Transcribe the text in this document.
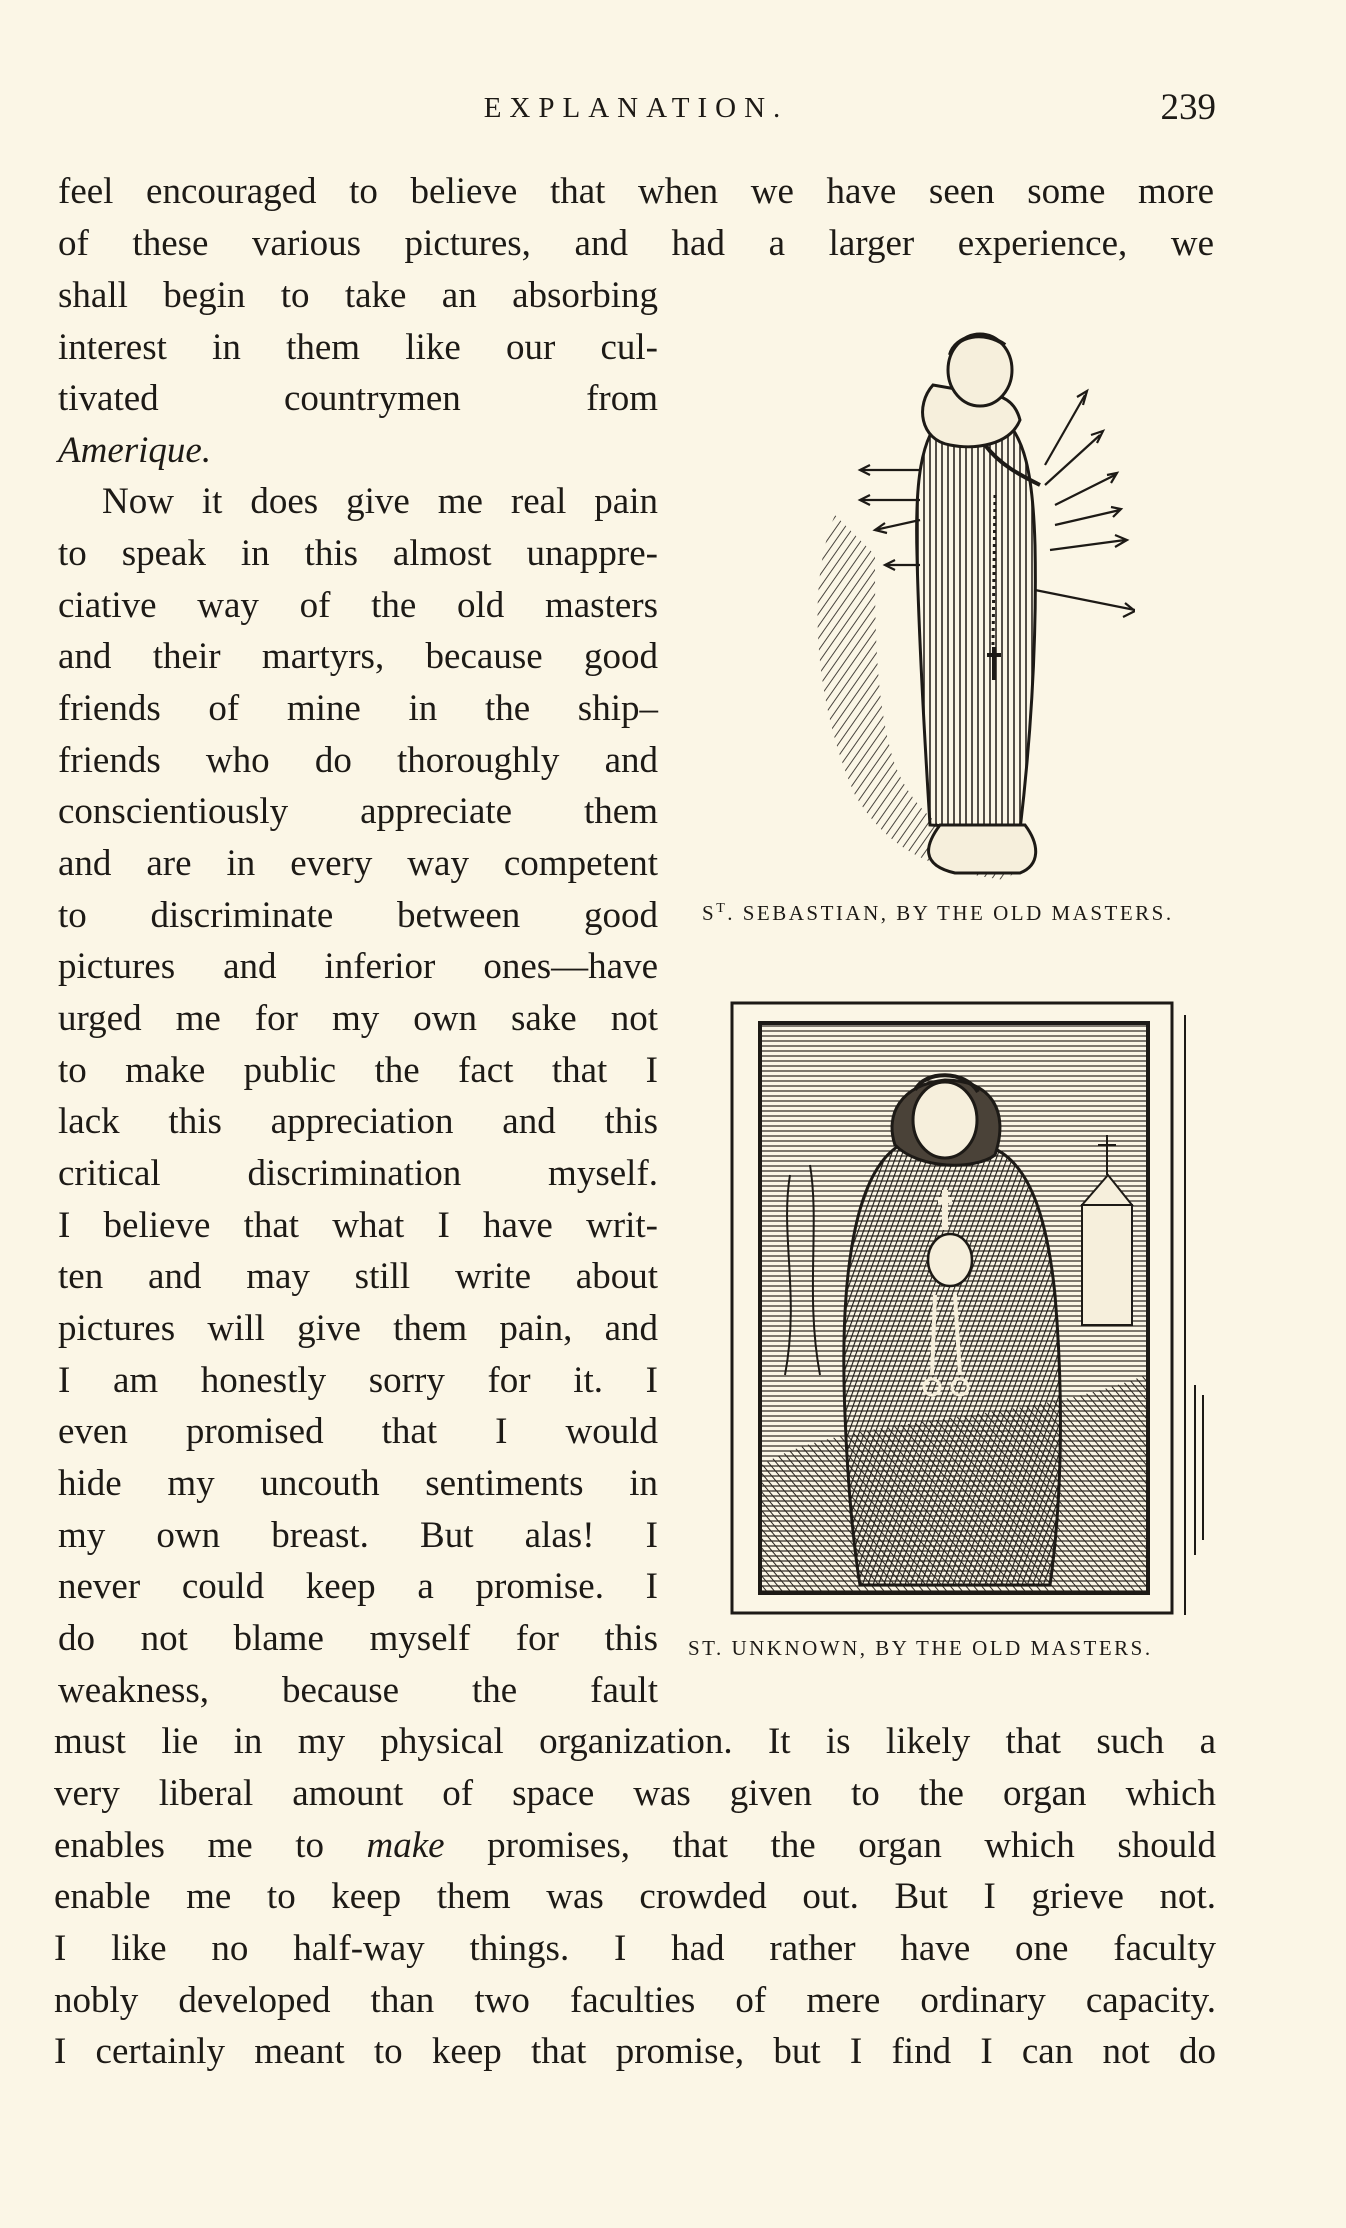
EXPLANATION.	239
feel encouraged to believe that when we have seen some more
of these various pictures, and had a larger experience, we
shall begin to take an absorbing
interest in them like our cul-
tivated countrymen from
Amerique.
Now it does give me real pain
to speak in this almost unappre-
ciative way of the old masters
and their martyrs, because good
friends of mine in the ship–
friends who do thoroughly and
conscientiously appreciate them
and are in every way competent
to discriminate between good
pictures and inferior ones—have
urged me for my own sake not
to make public the fact that I
lack this appreciation and this
critical discrimination myself.
I believe that what I have writ-
ten and may still write about
pictures will give them pain, and
I am honestly sorry for it. I
even promised that I would
hide my uncouth sentiments in
my own breast. But alas! I
never could keep a promise. I
do not blame myself for this
weakness, because the fault
must lie in my physical organization. It is likely that such a
very liberal amount of space was given to the organ which
enables me to make promises, that the organ which should
enable me to keep them was crowded out. But I grieve not.
I like no half-way things. I had rather have one faculty
nobly developed than two faculties of mere ordinary capacity.
I certainly meant to keep that promise, but I find I can not do
$S^T$. SEBASTIAN, BY THE OLD MASTERS.
ST. UNKNOWN, BY THE OLD MASTERS.
